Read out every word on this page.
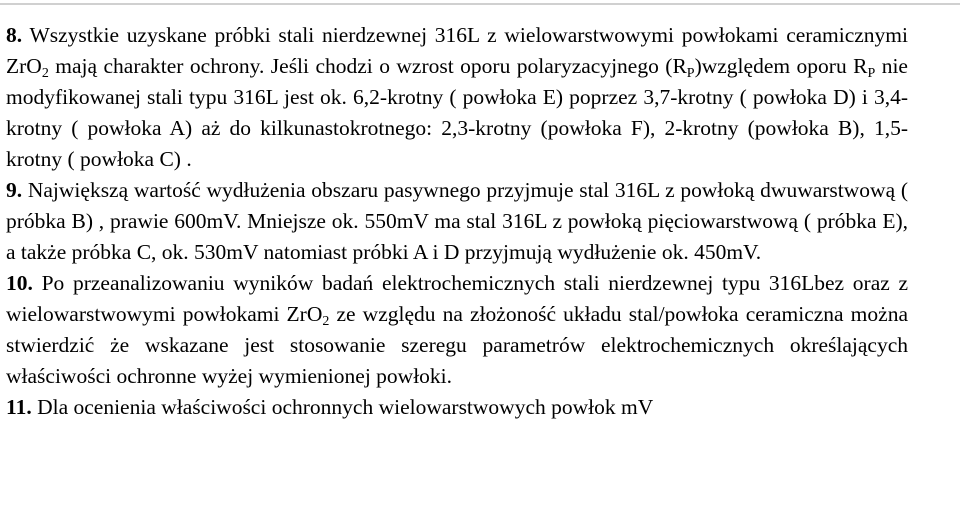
8. Wszystkie uzyskane próbki stali nierdzewnej 316L z wielowarstwowymi powłokami ceramicznymi ZrO$_2$ mają charakter ochrony. Jeśli chodzi o wzrost oporu polaryzacyjnego $(R_P)względem$ oporu $R_P$ nie modyfikowanej stali typu 316L jest ok. 6,2-krotny ( powłoka E) poprzez 3,7-krotny ( powłoka D) i 3,4-krotny ( powłoka A) aż do kilkunastokrotnego: 2,3-krotny (powłoka F), 2-krotny (powłoka B), 1,5-krotny ( powłoka C) .

9. Największą wartość wydłużenia obszaru pasywnego przyjmuje stal 316L z powłoką dwuwarstwową ( próbka B) , prawie 600mV. Mniejsze ok. 550mV ma stal 316L z powłoką pięciowarstwową ( próbka E), a także próbka C, ok. 530mV natomiast próbki A i D przyjmują wydłużenie ok. 450mV.

10. Po przeanalizowaniu wyników badań elektrochemicznych stali nierdzewnej typu 316Lbez oraz z wielowarstwowymi powłokami ZrO$_2$ ze względu na złożoność układu stal/powłoka ceramiczna można stwierdzić że wskazane jest stosowanie szeregu parametrów elektrochemicznych określających właściwości ochronne wyżej wymienionej powłoki.

11. Dla ocenienia właściwości ochronnych wielowarstwowych powłok mV
